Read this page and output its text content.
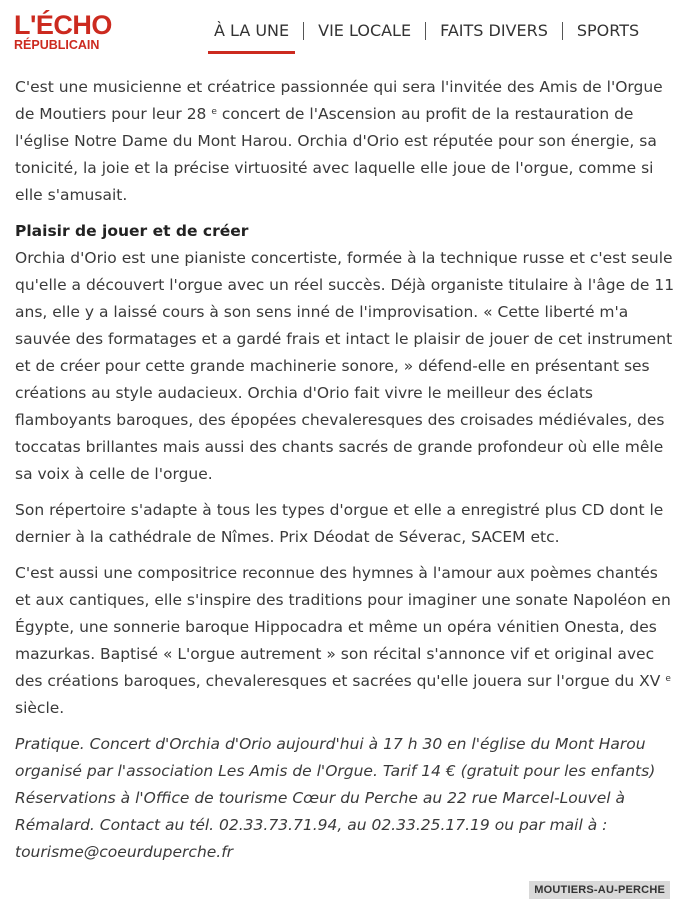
L'ÉCHO
RÉPUBLICAIN
À LA UNE	VIE LOCALE	FAITS DIVERS	SPORTS

C'est une musicienne et créatrice passionnée qui sera l'invitée des Amis de l'Orgue de Moutiers pour leur 28 $^e$ concert de l'Ascension au profit de la restauration de l'église Notre Dame du Mont Harou. Orchia d'Orio est réputée pour son énergie, sa tonicité, la joie et la précise virtuosité avec laquelle elle joue de l'orgue, comme si elle s'amusait.

Plaisir de jouer et de créer

Orchia d'Orio est une pianiste concertiste, formée à la technique russe et c'est seule qu'elle a découvert l'orgue avec un réel succès. Déjà organiste titulaire à l'âge de 11 ans, elle y a laissé cours à son sens inné de l'improvisation. « Cette liberté m'a sauvée des formatages et a gardé frais et intact le plaisir de jouer de cet instrument et de créer pour cette grande machinerie sonore, » défend-elle en présentant ses créations au style audacieux. Orchia d'Orio fait vivre le meilleur des éclats flamboyants baroques, des épopées chevaleresques des croisades médiévales, des toccatas brillantes mais aussi des chants sacrés de grande profondeur où elle mêle sa voix à celle de l'orgue.

Son répertoire s'adapte à tous les types d'orgue et elle a enregistré plus CD dont le dernier à la cathédrale de Nîmes. Prix Déodat de Séverac, SACEM etc.

C'est aussi une compositrice reconnue des hymnes à l'amour aux poèmes chantés et aux cantiques, elle s'inspire des traditions pour imaginer une sonate Napoléon en Égypte, une sonnerie baroque Hippocadra et même un opéra vénitien Onesta, des mazurkas. Baptisé « L'orgue autrement » son récital s'annonce vif et original avec des créations baroques, chevaleresques et sacrées qu'elle jouera sur l'orgue du XV $^e$ siècle.

Pratique. Concert d'Orchia d'Orio aujourd'hui à 17 h 30 en l'église du Mont Harou organisé par l'association Les Amis de l'Orgue. Tarif 14 € (gratuit pour les enfants) Réservations à l'Office de tourisme Cœur du Perche au 22 rue Marcel-Louvel à Rémalard. Contact au tél. 02.33.73.71.94, au 02.33.25.17.19 ou par mail à : tourisme@coeurduperche.fr

MOUTIERS-AU-PERCHE
